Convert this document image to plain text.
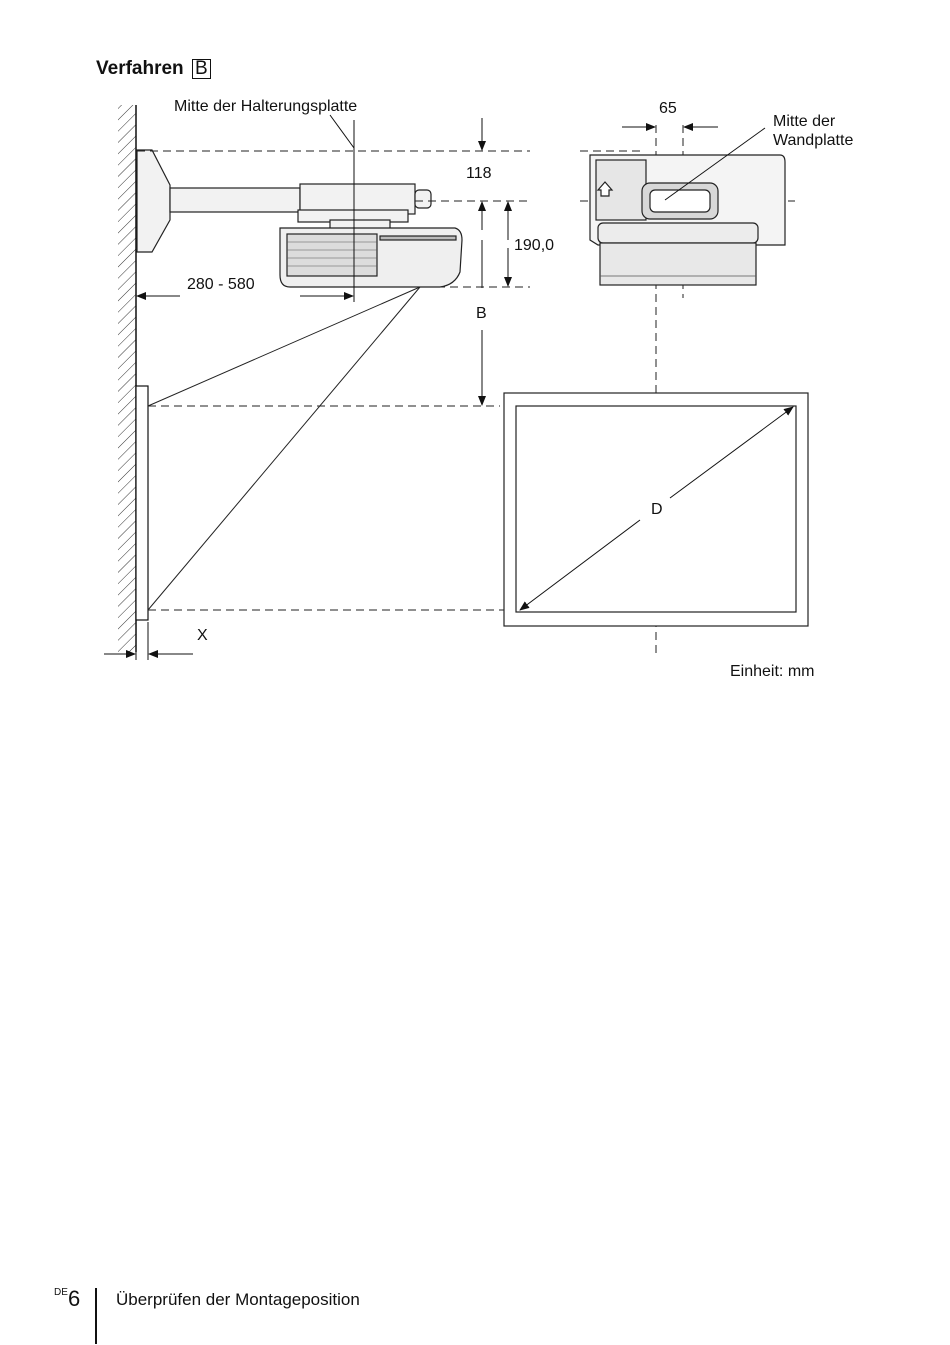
Verfahren B
Mitte der Halterungsplatte	65
Mitte der
Wandplatte
118
190,0
280 - 580
B
D
X
Einheit: mm
DE 6 Überprüfen der Montageposition
